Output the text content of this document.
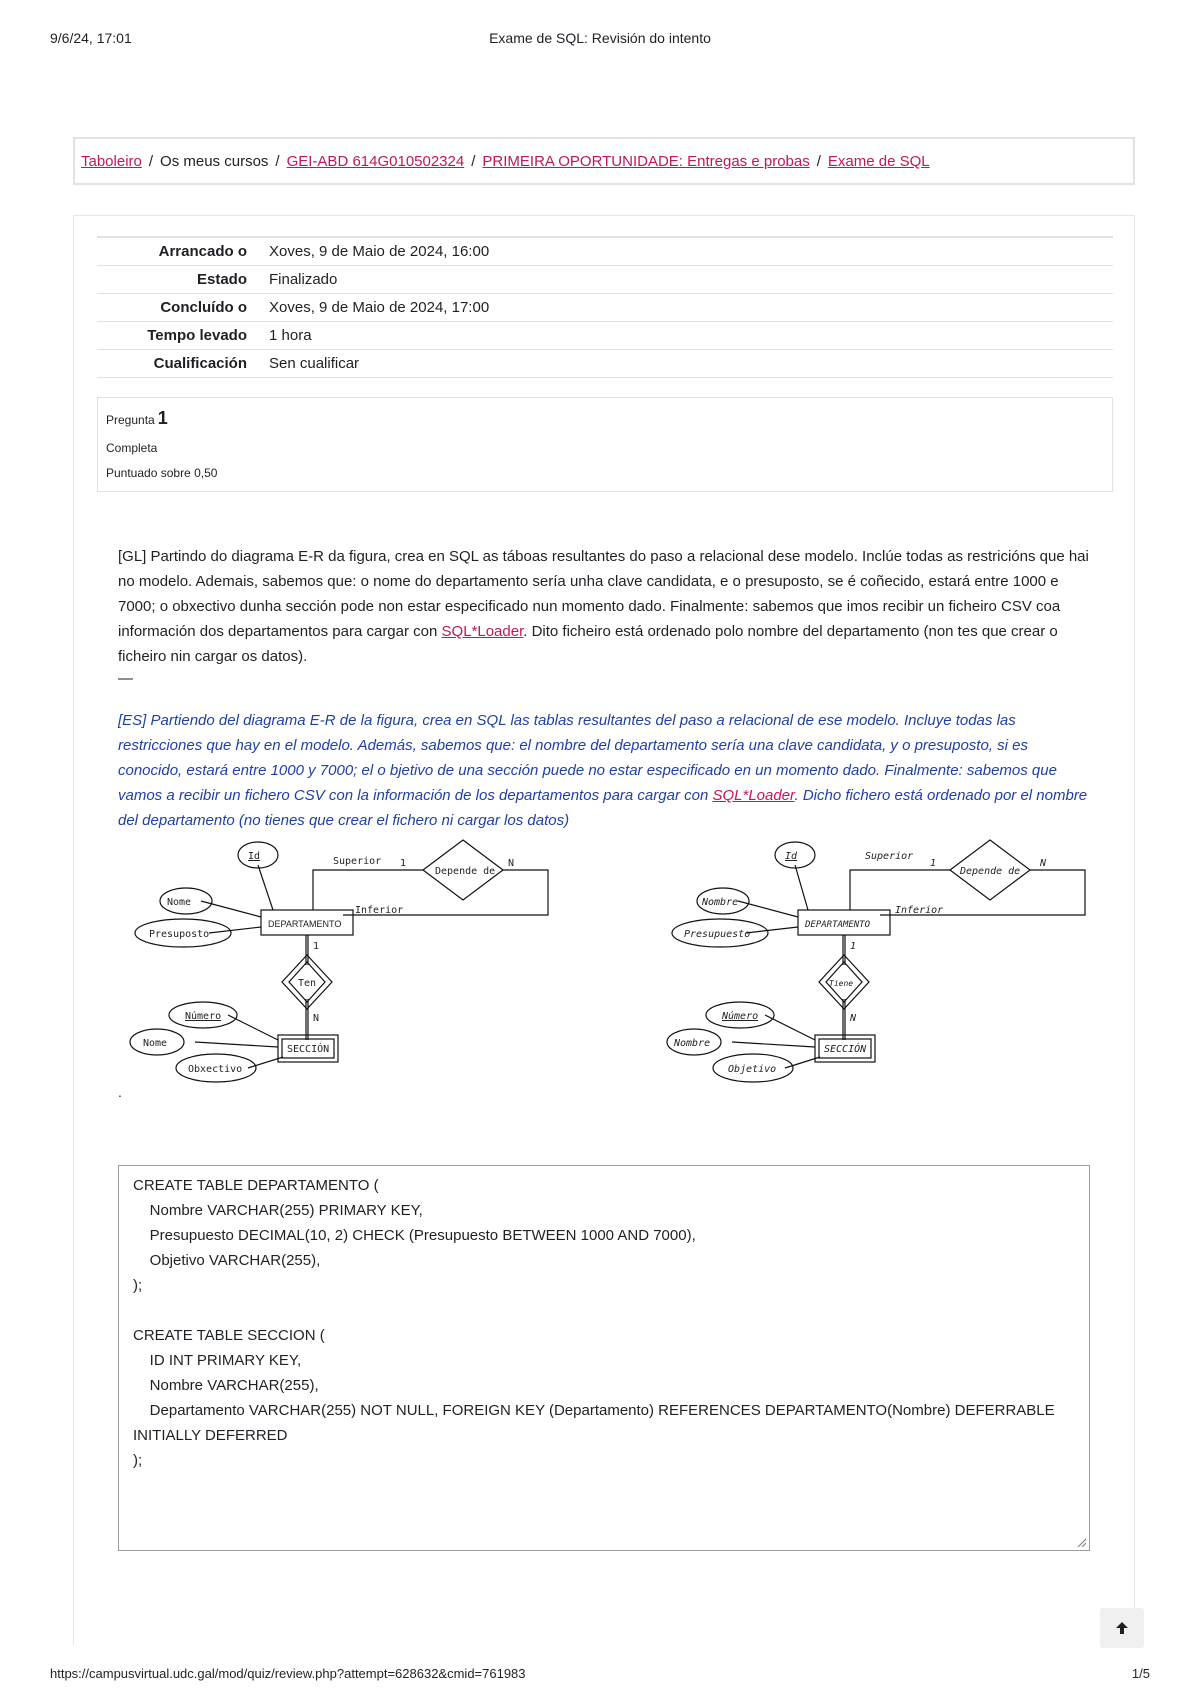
9/6/24, 17:01	Exame de SQL: Revisión do intento
Taboleiro / Os meus cursos / GEI-ABD 614G010502324 / PRIMEIRA OPORTUNIDADE: Entregas e probas / Exame de SQL
Arrancado o Xoves, 9 de Maio de 2024, 16:00
Estado Finalizado
Concluído o Xoves, 9 de Maio de 2024, 17:00
Tempo levado 1 hora
Cualificación Sen cualificar
Pregunta 1
Completa
Puntuado sobre 0,50
[GL] Partindo do diagrama E-R da figura, crea en SQL as táboas resultantes do paso a relacional dese modelo. Inclúe todas as restricións que hai no modelo. Ademais, sabemos que: o nome do departamento sería unha clave candidata, e o presuposto, se é coñecido, estará entre 1000 e 7000; o obxectivo dunha sección pode non estar especificado nun momento dado. Finalmente: sabemos que imos recibir un ficheiro CSV coa información dos departamentos para cargar con SQL*Loader. Dito ficheiro está ordenado polo nombre del departamento (non tes que crear o ficheiro nin cargar os datos).
—
[ES] Partiendo del diagrama E-R de la figura, crea en SQL las tablas resultantes del paso a relacional de ese modelo. Incluye todas las restricciones que hay en el modelo. Además, sabemos que: el nombre del departamento sería una clave candidata, y o presuposto, si es conocido, estará entre 1000 y 7000; el o bjetivo de una sección puede no estar especificado en un momento dado. Finalmente: sabemos que vamos a recibir un fichero CSV con la información de los departamentos para cargar con SQL*Loader. Dicho fichero está ordenado por el nombre del departamento (no tienes que crear el fichero ni cargar los datos)
Id
Nome
Presuposto
DEPARTAMENTO
Depende de
Superior
Inferior
1	N
Ten
1
N
SECCIÓN
Número
Nome
Obxectivo
Id
Nombre
Presupuesto
DEPARTAMENTO
Depende de
Superior
Inferior
1	N
Tiene
1
N
SECCIÓN
Número
Nombre
Objetivo
.
CREATE TABLE DEPARTAMENTO (
Nombre VARCHAR(255) PRIMARY KEY,
Presupuesto DECIMAL(10, 2) CHECK (Presupuesto BETWEEN 1000 AND 7000),
Objetivo VARCHAR(255),
);

CREATE TABLE SECCION (
ID INT PRIMARY KEY,
Nombre VARCHAR(255),
Departamento VARCHAR(255) NOT NULL, FOREIGN KEY (Departamento) REFERENCES DEPARTAMENTO(Nombre) DEFERRABLE INITIALLY DEFERRED
);
https://campusvirtual.udc.gal/mod/quiz/review.php?attempt=628632&cmid=761983	1/5
